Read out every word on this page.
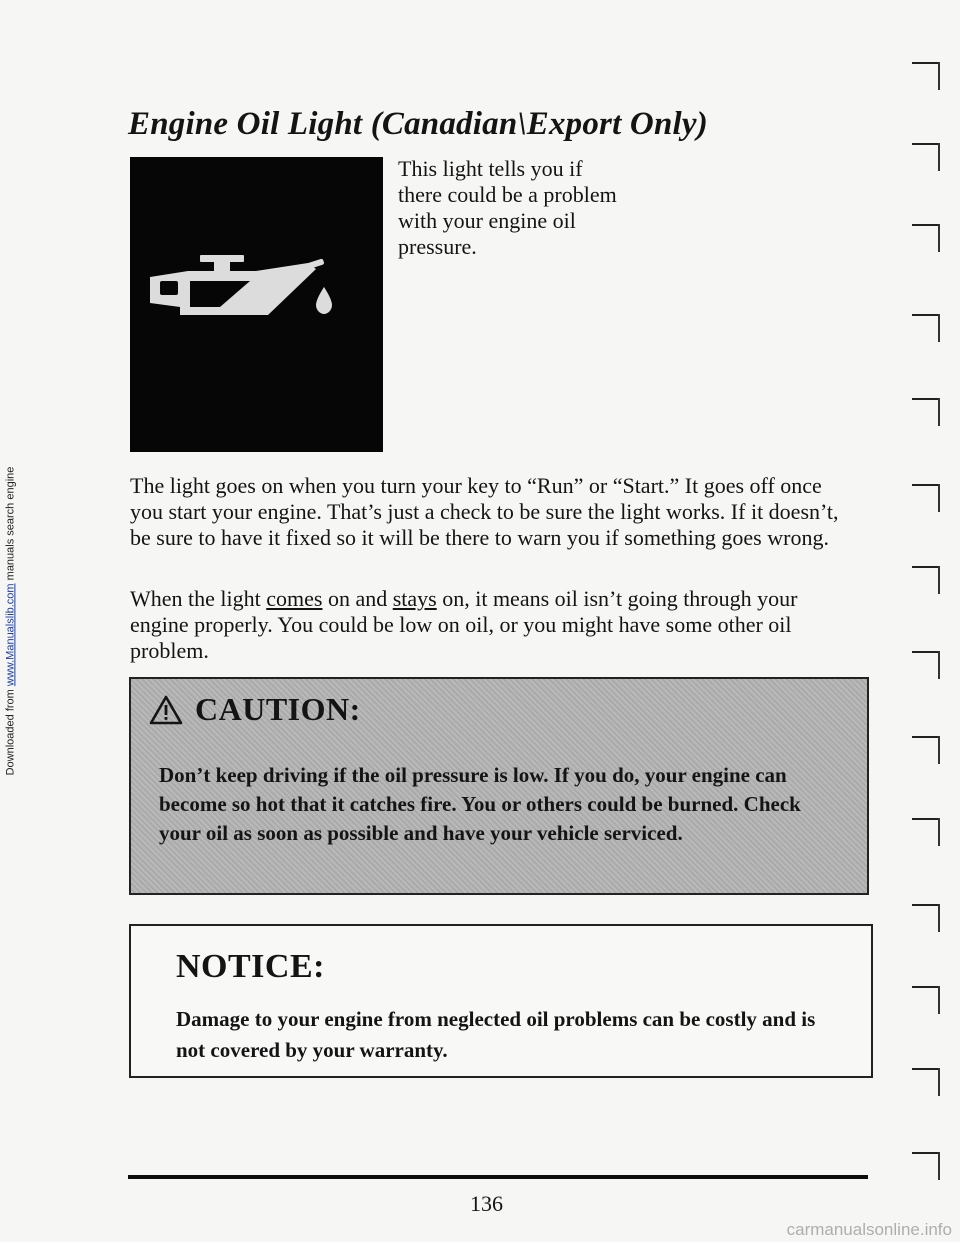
Downloaded from www.Manualslib.com manuals search engine
Engine Oil Light (Canadian\Export Only)

This light tells you if there could be a problem with your engine oil pressure.

The light goes on when you turn your key to “Run” or “Start.” It goes off once you start your engine. That’s just a check to be sure the light works. If it doesn’t, be sure to have it fixed so it will be there to warn you if something goes wrong.

When the light comes on and stays on, it means oil isn’t going through your engine properly. You could be low on oil, or you might have some other oil problem.

CAUTION:

Don’t keep driving if the oil pressure is low. If you do, your engine can become so hot that it catches fire. You or others could be burned. Check your oil as soon as possible and have your vehicle serviced.

NOTICE:

Damage to your engine from neglected oil problems can be costly and is not covered by your warranty.

136

carmanualsonline.info
